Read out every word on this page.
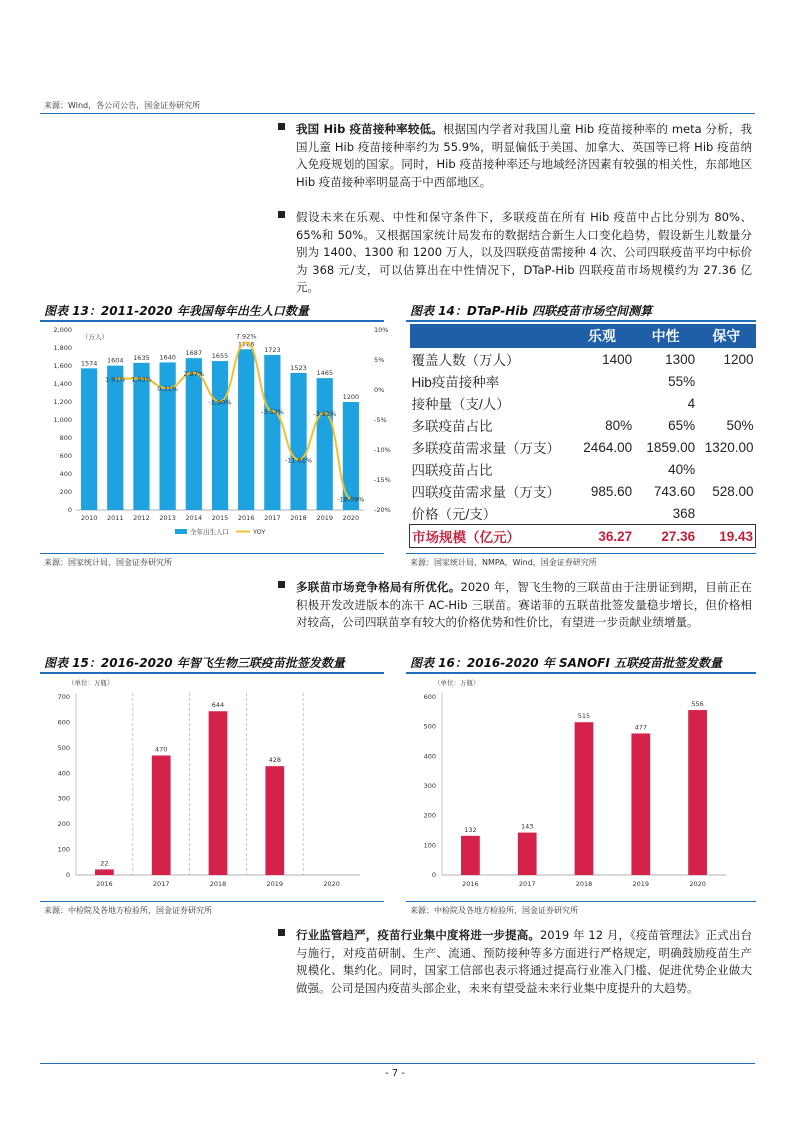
来源：Wind，各公司公告，国金证券研究所
我国 Hib 疫苗接种率较低。根据国内学者对我国儿童 Hib 疫苗接种率的 meta 分析，我国儿童 Hib 疫苗接种率约为 55.9%，明显偏低于美国、加拿大、英国等已将 Hib 疫苗纳入免疫规划的国家。同时，Hib 疫苗接种率还与地域经济因素有较强的相关性，东部地区 Hib 疫苗接种率明显高于中西部地区。
假设未来在乐观、中性和保守条件下，多联疫苗在所有 Hib 疫苗中占比分别为 80%、65%和 50%。又根据国家统计局发布的数据结合新生人口变化趋势，假设新生儿数量分别为 1400、1300 和 1200 万人，以及四联疫苗需接种 4 次、公司四联疫苗平均中标价为 368 元/支，可以估算出在中性情况下，DTaP-Hib 四联疫苗市场规模约为 27.36 亿元。
图表 13：2011-2020 年我国每年出生人口数量
0
200
400
600
800
1,000
1,200
1,400
1,600
1,800
2,000
-20%
-15%
-10%
-5%
0%
5%
10%
（万人）
1574
2010
1604
2011
1635
2012
1640
2013
1687
2014
1655
2015
1786
2016
1723
2017
1523
2018
1465
2019
1200
2020
1.91% 1.93%
0.31%
2.87%
-1.90%
7.92%
-3.53%
-11.61%
-3.81%
-18.09%
全年出生人口	YOY
来源：国家统计局，国金证券研究所
图表 14：DTaP-Hib 四联疫苗市场空间测算
	乐观	中性	保守
覆盖人数（万人）	1400	1300	1200
Hib疫苗接种率		55%	
接种量（支/人）		4	
多联疫苗占比	80%	65%	50%
多联疫苗需求量（万支）	2464.00	1859.00	1320.00
四联疫苗占比		40%	
四联疫苗需求量（万支）	985.60	743.60	528.00
价格（元/支）		368	
市场规模（亿元）	36.27	27.36	19.43
来源：国家统计局，NMPA，Wind，国金证券研究所
多联苗市场竞争格局有所优化。2020 年，智飞生物的三联苗由于注册证到期，目前正在积极开发改进版本的冻干 AC-Hib 三联苗。赛诺菲的五联苗批签发量稳步增长，但价格相对较高，公司四联苗享有较大的价格优势和性价比，有望进一步贡献业绩增量。
图表 15：2016-2020 年智飞生物三联疫苗批签发数量
（单位：万瓶）
0
100
200
300
400
500
600
700
22
2016
470
2017
644
2018
428
2019	2020
来源：中检院及各地方检验所，国金证券研究所
图表 16：2016-2020 年 SANOFI 五联疫苗批签发数量
（单位：万瓶）
0
100
200
300
400
500
600
132
2016
143
2017
515
2018
477
2019
556
2020
来源：中检院及各地方检验所，国金证券研究所
行业监管趋严，疫苗行业集中度将进一步提高。2019 年 12 月，《疫苗管理法》正式出台与施行，对疫苗研制、生产、流通、预防接种等多方面进行严格规定，明确鼓励疫苗生产规模化、集约化。同时，国家工信部也表示将通过提高行业准入门槛、促进优势企业做大做强。公司是国内疫苗头部企业，未来有望受益未来行业集中度提升的大趋势。
- 7 -
